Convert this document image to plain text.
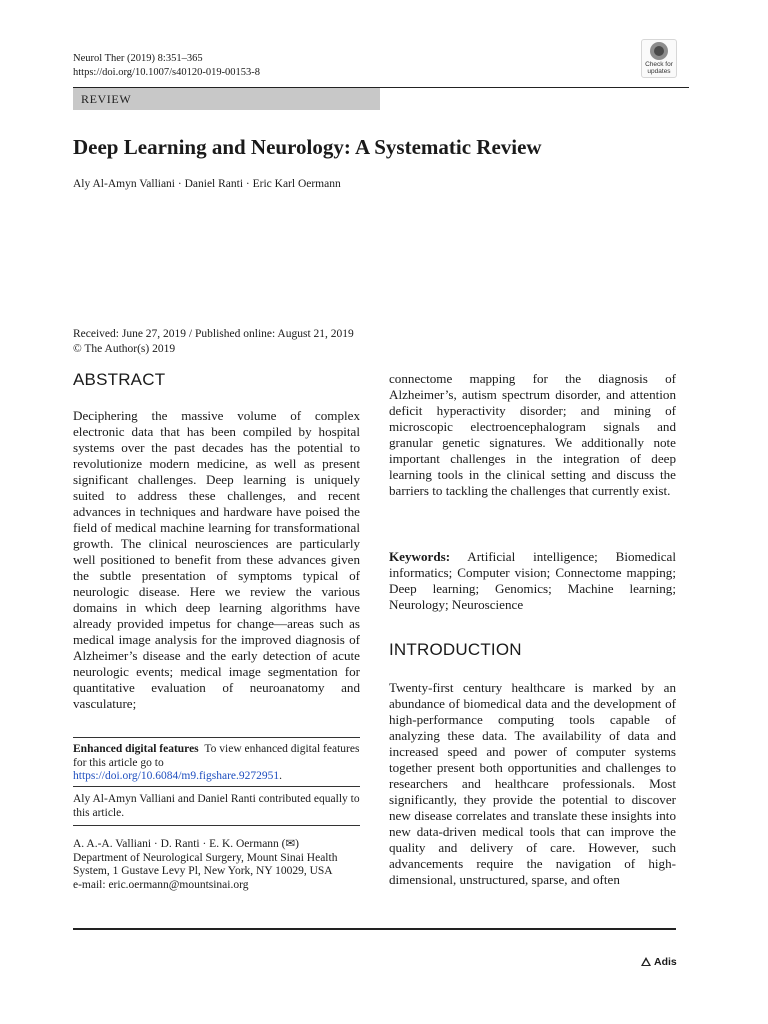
Neurol Ther (2019) 8:351–365
https://doi.org/10.1007/s40120-019-00153-8
Check for
updates
REVIEW
Deep Learning and Neurology: A Systematic Review
Aly Al-Amyn Valliani · Daniel Ranti · Eric Karl Oermann
Received: June 27, 2019 / Published online: August 21, 2019
© The Author(s) 2019
ABSTRACT

Deciphering the massive volume of complex electronic data that has been compiled by hospital systems over the past decades has the potential to revolutionize modern medicine, as well as present significant challenges. Deep learning is uniquely suited to address these challenges, and recent advances in techniques and hardware have poised the field of medical machine learning for transformational growth. The clinical neurosciences are particularly well positioned to benefit from these advances given the subtle presentation of symptoms typical of neurologic disease. Here we review the various domains in which deep learning algorithms have already provided impetus for change—areas such as medical image analysis for the improved diagnosis of Alzheimer’s disease and the early detection of acute neurologic events; medical image segmentation for quantitative evaluation of neuroanatomy and vasculature;

Enhanced digital features To view enhanced digital features for this article go to https://doi.org/10.6084/m9.figshare.9272951.
Aly Al-Amyn Valliani and Daniel Ranti contributed equally to this article.
A. A.-A. Valliani · D. Ranti · E. K. Oermann (✉)
Department of Neurological Surgery, Mount Sinai Health System, 1 Gustave Levy Pl, New York, NY 10029, USA
e-mail: eric.oermann@mountsinai.org

connectome mapping for the diagnosis of Alzheimer’s, autism spectrum disorder, and attention deficit hyperactivity disorder; and mining of microscopic electroencephalogram signals and granular genetic signatures. We additionally note important challenges in the integration of deep learning tools in the clinical setting and discuss the barriers to tackling the challenges that currently exist.

Keywords: Artificial intelligence; Biomedical informatics; Computer vision; Connectome mapping; Deep learning; Genomics; Machine learning; Neurology; Neuroscience

INTRODUCTION

Twenty-first century healthcare is marked by an abundance of biomedical data and the development of high-performance computing tools capable of analyzing these data. The availability of data and increased speed and power of computer systems together present both opportunities and challenges to researchers and healthcare professionals. Most significantly, they provide the potential to discover new disease correlates and translate these insights into new data-driven medical tools that can improve the quality and delivery of care. However, such advancements require the navigation of high-dimensional, unstructured, sparse, and often

Adis
